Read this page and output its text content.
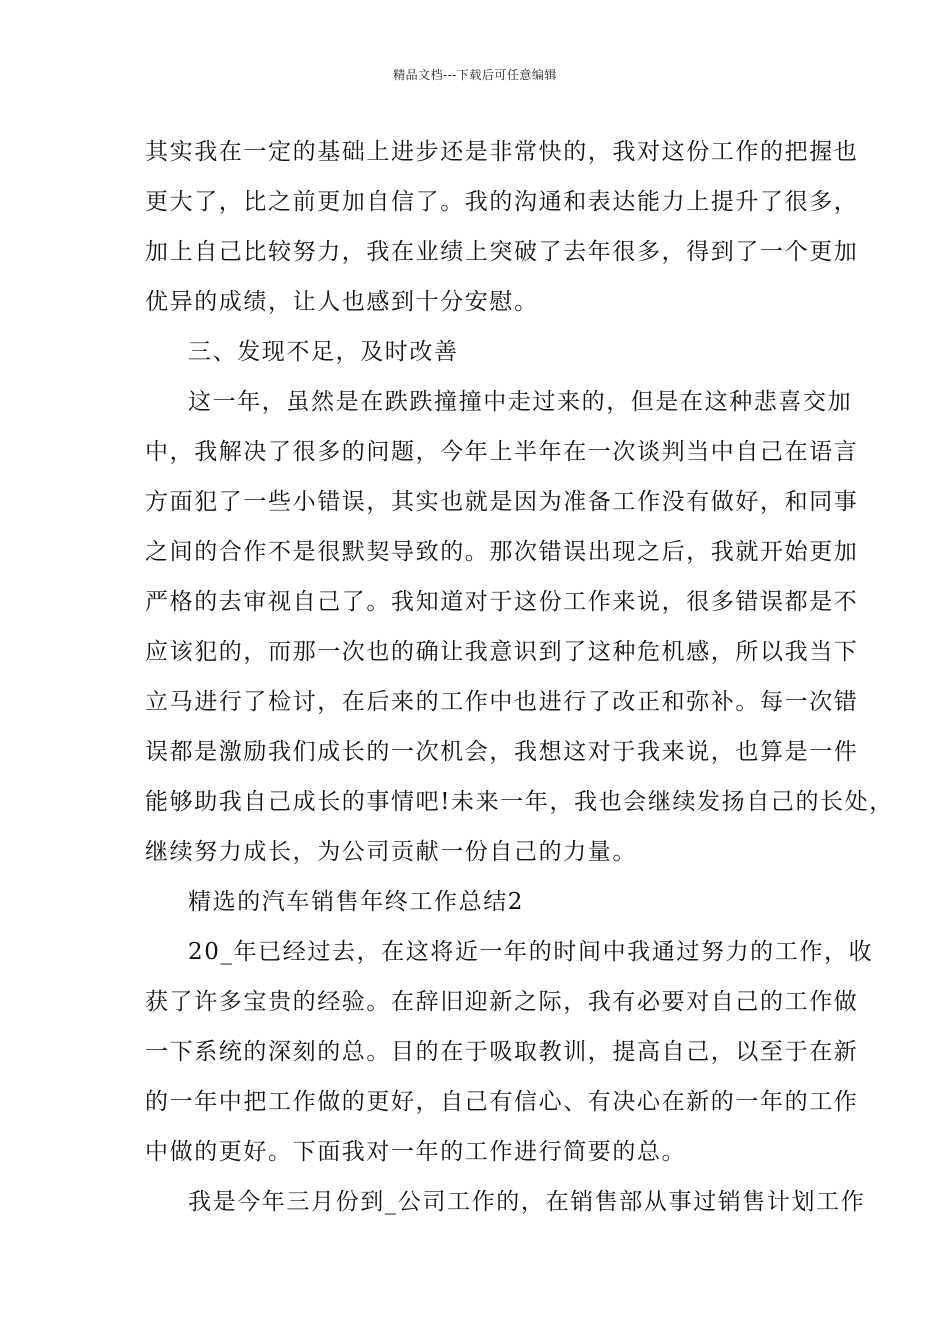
精品文档---下载后可任意编辑
其实我在一定的基础上进步还是非常快的，我对这份工作的把握也
更大了，比之前更加自信了。我的沟通和表达能力上提升了很多，
加上自己比较努力，我在业绩上突破了去年很多，得到了一个更加
优异的成绩，让人也感到十分安慰。
三、发现不足，及时改善
这一年，虽然是在跌跌撞撞中走过来的，但是在这种悲喜交加
中，我解决了很多的问题，今年上半年在一次谈判当中自己在语言
方面犯了一些小错误，其实也就是因为准备工作没有做好，和同事
之间的合作不是很默契导致的。那次错误出现之后，我就开始更加
严格的去审视自己了。我知道对于这份工作来说，很多错误都是不
应该犯的，而那一次也的确让我意识到了这种危机感，所以我当下
立马进行了检讨，在后来的工作中也进行了改正和弥补。每一次错
误都是激励我们成长的一次机会，我想这对于我来说，也算是一件
能够助我自己成长的事情吧!未来一年，我也会继续发扬自己的长处，
继续努力成长，为公司贡献一份自己的力量。
精选的汽车销售年终工作总结2
20_年已经过去，在这将近一年的时间中我通过努力的工作，收
获了许多宝贵的经验。在辞旧迎新之际，我有必要对自己的工作做
一下系统的深刻的总。目的在于吸取教训，提高自己，以至于在新
的一年中把工作做的更好，自己有信心、有决心在新的一年的工作
中做的更好。下面我对一年的工作进行简要的总。
我是今年三月份到_公司工作的，在销售部从事过销售计划工作
